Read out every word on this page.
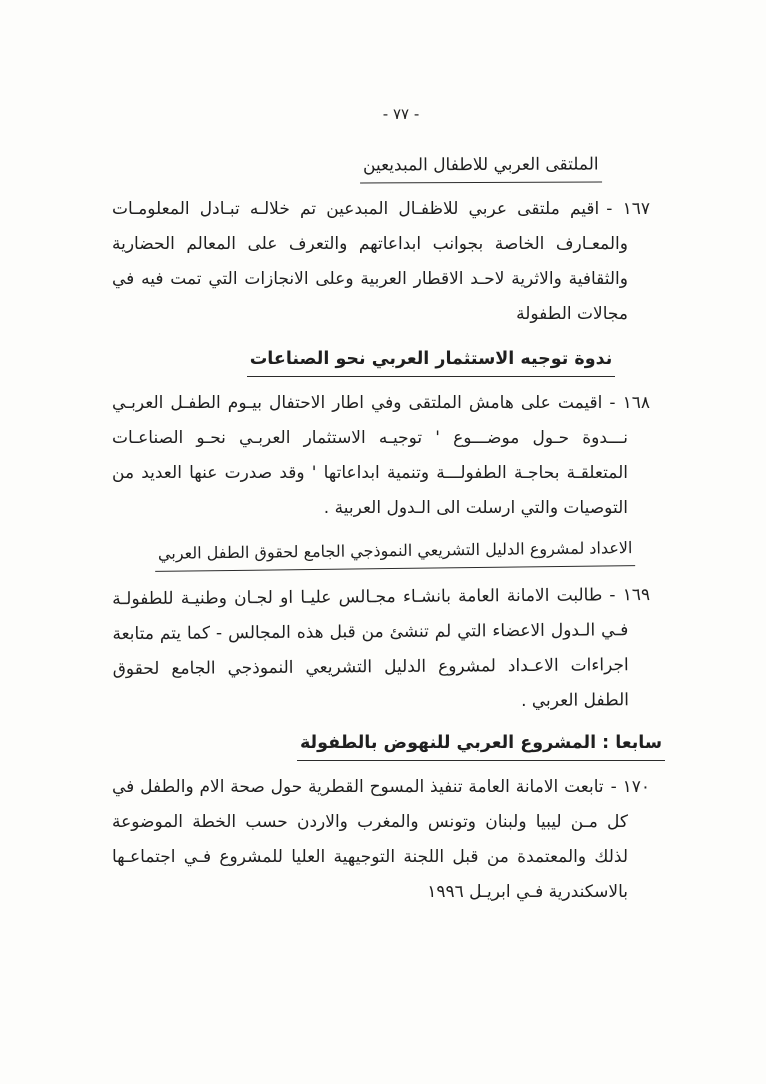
- ٧٧ -
الملتقى العربي للاطفال المبديعين

١٦٧ -اقيم ملتقى عربي للاظفـال المبدعين تم خلالـه تبـادل المعلومـات والمعـارف الخاصة بجوانب ابداعاتهم والتعرف على المعالم الحضارية والثقافية والاثرية لاحـد الاقطار العربية وعلى الانجازات التي تمت فيه في مجالات الطفولة

ندوة توجيه الاستثمار العربي نحو الصناعات

١٦٨ -اقيمت على هامش الملتقى وفي اطار الاحتفال بيـوم الطفـل العربـي نـــدوة حـول موضـــوع ' توجيـه الاستثمار العربـي نحـو الصناعـات المتعلقـة بحاجـة الطفولـــة وتنمية ابداعاتها ' وقد صدرت عنها العديد من التوصيات والتي ارسلت الى الـدول العربية .

الاعداد لمشروع الدليل التشريعي النموذجي الجامع لحقوق الطفل العربي

١٦٩ -طالبت الامانة العامة بانشـاء مجـالس عليـا او لجـان وطنيـة للطفولـة فـي الـدول الاعضاء التي لم تنشئ من قبل هذه المجالس - كما يتم متابعة اجراءات الاعـداد لمشروع الدليل التشريعي النموذجي الجامع لحقوق الطفل العربي .

سابعا : المشروع العربي للنهوض بالطفولة

١٧٠ -تابعت الامانة العامة تنفيذ المسوح القطرية حول صحة الام والطفل في كل مـن ليبيا ولبنان وتونس والمغرب والاردن حسب الخطة الموضوعة لذلك والمعتمدة من قبل اللجنة التوجيهية العليا للمشروع فـي اجتماعـها بالاسكندرية فـي ابريـل ١٩٩٦
